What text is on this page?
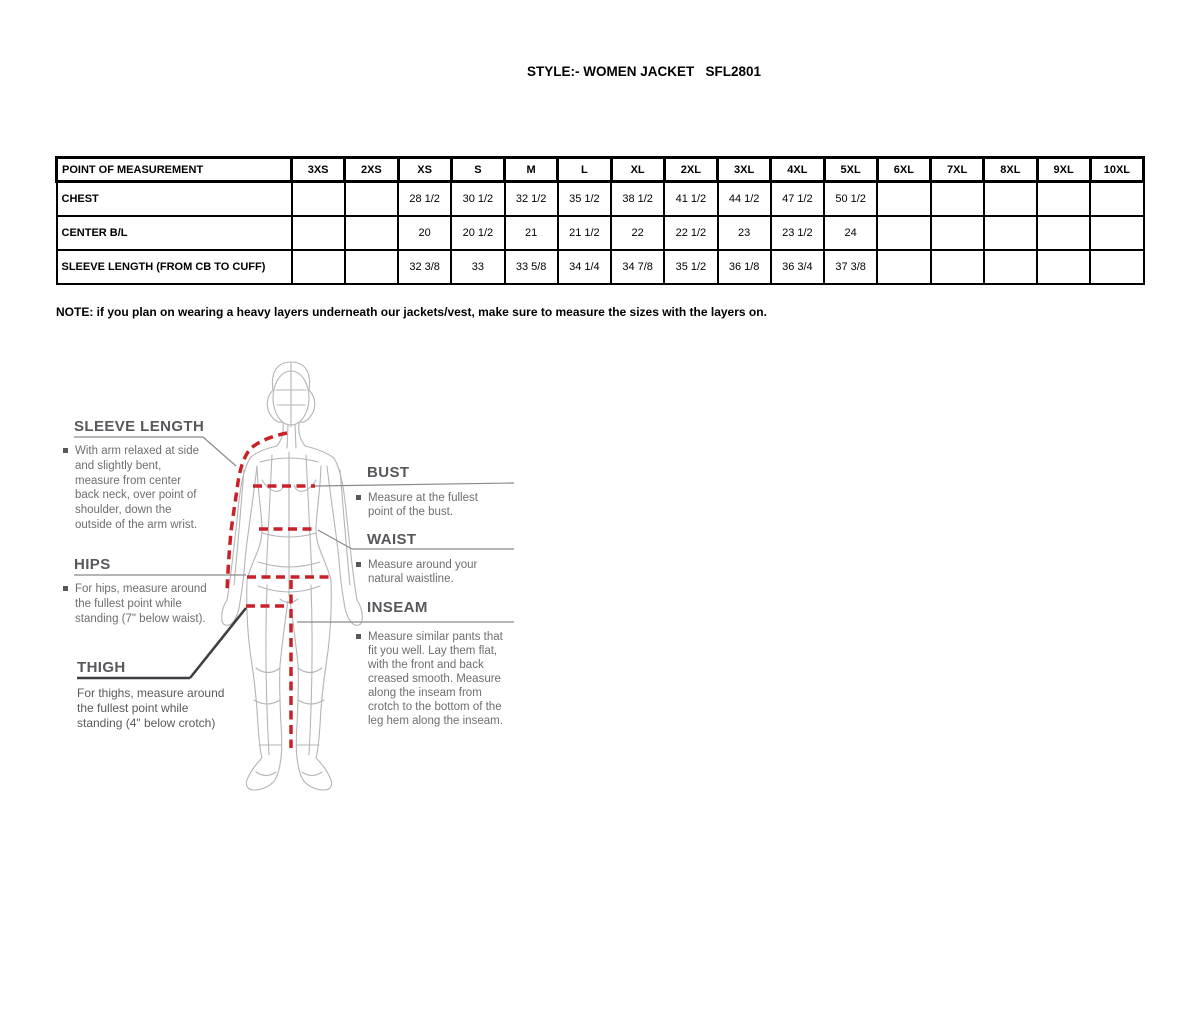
STYLE:- WOMEN JACKET   SFL2801
POINT OF MEASUREMENT	3XS	2XS	XS	S	M	L	XL	2XL	3XL	4XL	5XL	6XL	7XL	8XL	9XL	10XL
CHEST			28 1/2	30 1/2	32 1/2	35 1/2	38 1/2	41 1/2	44 1/2	47 1/2	50 1/2					
CENTER B/L			20	20 1/2	21	21 1/2	22	22 1/2	23	23 1/2	24					
SLEEVE LENGTH (FROM CB TO CUFF)			32 3/8	33	33 5/8	34 1/4	34 7/8	35 1/2	36 1/8	36 3/4	37 3/8					
NOTE: if you plan on wearing a heavy layers underneath our jackets/vest, make sure to measure the sizes with the layers on.
SLEEVE LENGTH
With arm relaxed at side and slightly bent, measure from center back neck, over point of shoulder, down the outside of the arm wrist.
HIPS
For hips, measure around the fullest point while standing (7" below waist).
THIGH
For thighs, measure around the fullest point while standing (4" below crotch)
BUST
Measure at the fullest point of the bust.
WAIST
Measure around your natural waistline.
INSEAM
Measure similar pants that fit you well. Lay them flat, with the front and back creased smooth. Measure along the inseam from crotch to the bottom of the leg hem along the inseam.
